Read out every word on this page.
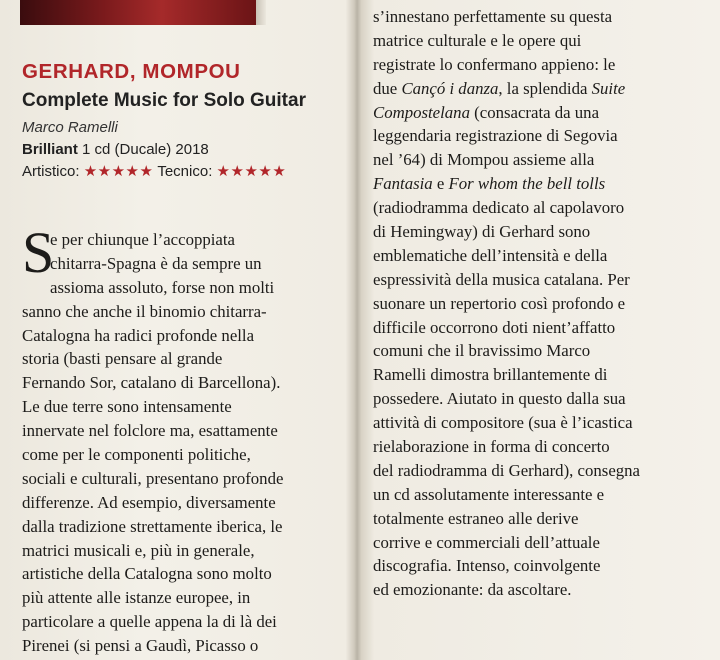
GERHARD, MOMPOU
Complete Music for Solo Guitar
Marco Ramelli
Brilliant 1 cd (Ducale) 2018
Artistico: ★★★★★ Tecnico: ★★★★★
S
e per chiunque l’accoppiata
chitarra-Spagna è da sempre un
assioma assoluto, forse non molti
sanno che anche il binomio chitarra-
Catalogna ha radici profonde nella
storia (basti pensare al grande
Fernando Sor, catalano di Barcellona).
Le due terre sono intensamente
innervate nel folclore ma, esattamente
come per le componenti politiche,
sociali e culturali, presentano profonde
differenze. Ad esempio, diversamente
dalla tradizione strettamente iberica, le
matrici musicali e, più in generale,
artistiche della Catalogna sono molto
più attente alle istanze europee, in
particolare a quelle appena la di là dei
Pirenei (si pensi a Gaudì, Picasso o
s’innestano perfettamente su questa
matrice culturale e le opere qui
registrate lo confermano appieno: le
due Cançó i danza, la splendida Suite
Compostelana (consacrata da una
leggendaria registrazione di Segovia
nel ’64) di Mompou assieme alla
Fantasia e For whom the bell tolls
(radiodramma dedicato al capolavoro
di Hemingway) di Gerhard sono
emblematiche dell’intensità e della
espressività della musica catalana. Per
suonare un repertorio così profondo e
difficile occorrono doti nient’affatto
comuni che il bravissimo Marco
Ramelli dimostra brillantemente di
possedere. Aiutato in questo dalla sua
attività di compositore (sua è l’icastica
rielaborazione in forma di concerto
del radiodramma di Gerhard), consegna
un cd assolutamente interessante e
totalmente estraneo alle derive
corrive e commerciali dell’attuale
discografia. Intenso, coinvolgente
ed emozionante: da ascoltare.
